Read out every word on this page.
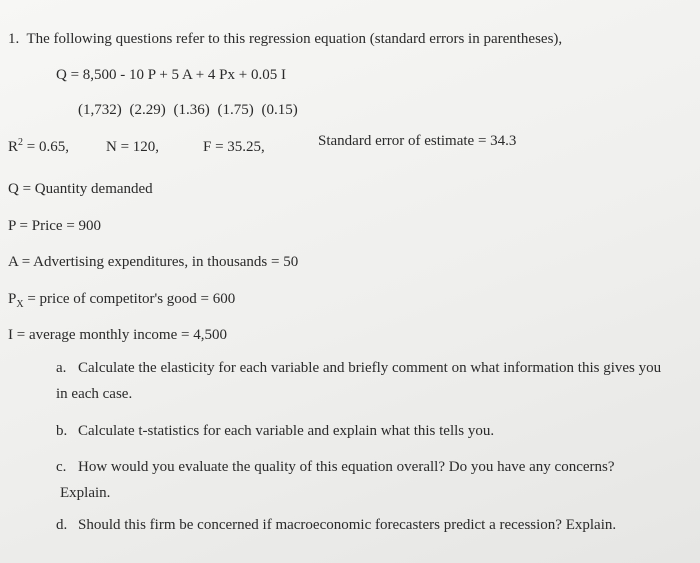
1. The following questions refer to this regression equation (standard errors in parentheses),
Q = 8,500 - 10 P + 5 A + 4 Px + 0.05 I
(1,732) (2.29) (1.36) (1.75) (0.15)
$R^2 = 0.65$, N = 120,	F = 35.25,	Standard error of estimate = 34.3
Q = Quantity demanded
P = Price = 900
A = Advertising expenditures, in thousands = 50
$P_X$ = price of competitor's good = 600
I = average monthly income = 4,500
a. Calculate the elasticity for each variable and briefly comment on what information this gives you
in each case.
b. Calculate t-statistics for each variable and explain what this tells you.
c. How would you evaluate the quality of this equation overall? Do you have any concerns?
Explain.
d. Should this firm be concerned if macroeconomic forecasters predict a recession? Explain.
